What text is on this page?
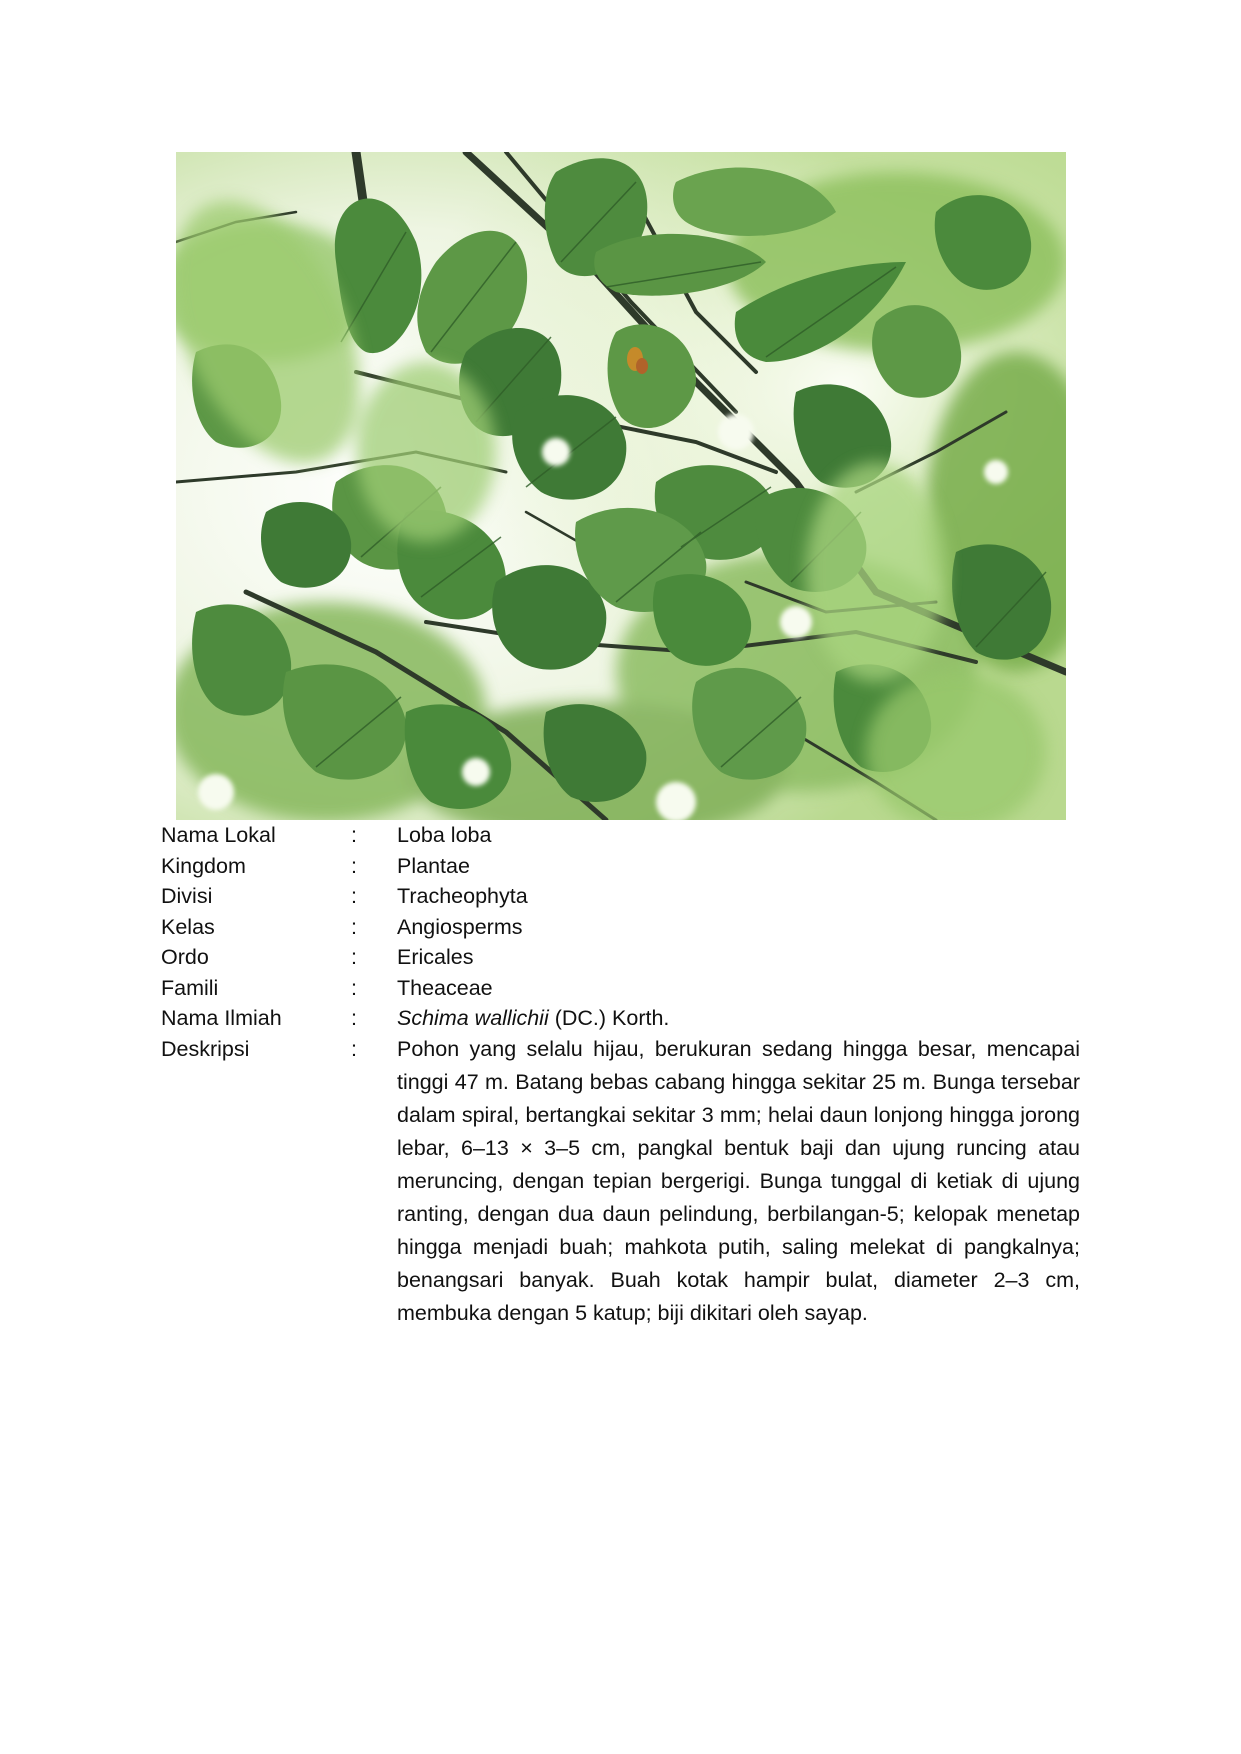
Nama Lokal	:	Loba loba
Kingdom	:	Plantae
Divisi	:	Tracheophyta
Kelas	:	Angiosperms
Ordo	:	Ericales
Famili	:	Theaceae
Nama Ilmiah	:	Schima wallichii (DC.) Korth.
Deskripsi	:	Pohon yang selalu hijau, berukuran sedang hingga besar, mencapai tinggi 47 m. Batang bebas cabang hingga sekitar 25 m. Bunga tersebar dalam spiral, bertangkai sekitar 3 mm; helai daun lonjong hingga jorong lebar, 6–13 × 3–5 cm, pangkal bentuk baji dan ujung runcing atau meruncing, dengan tepian bergerigi. Bunga tunggal di ketiak di ujung ranting, dengan dua daun pelindung, berbilangan-5; kelopak menetap hingga menjadi buah; mahkota putih, saling melekat di pangkalnya; benangsari banyak. Buah kotak hampir bulat, diameter 2–3 cm, membuka dengan 5 katup; biji dikitari oleh sayap.
